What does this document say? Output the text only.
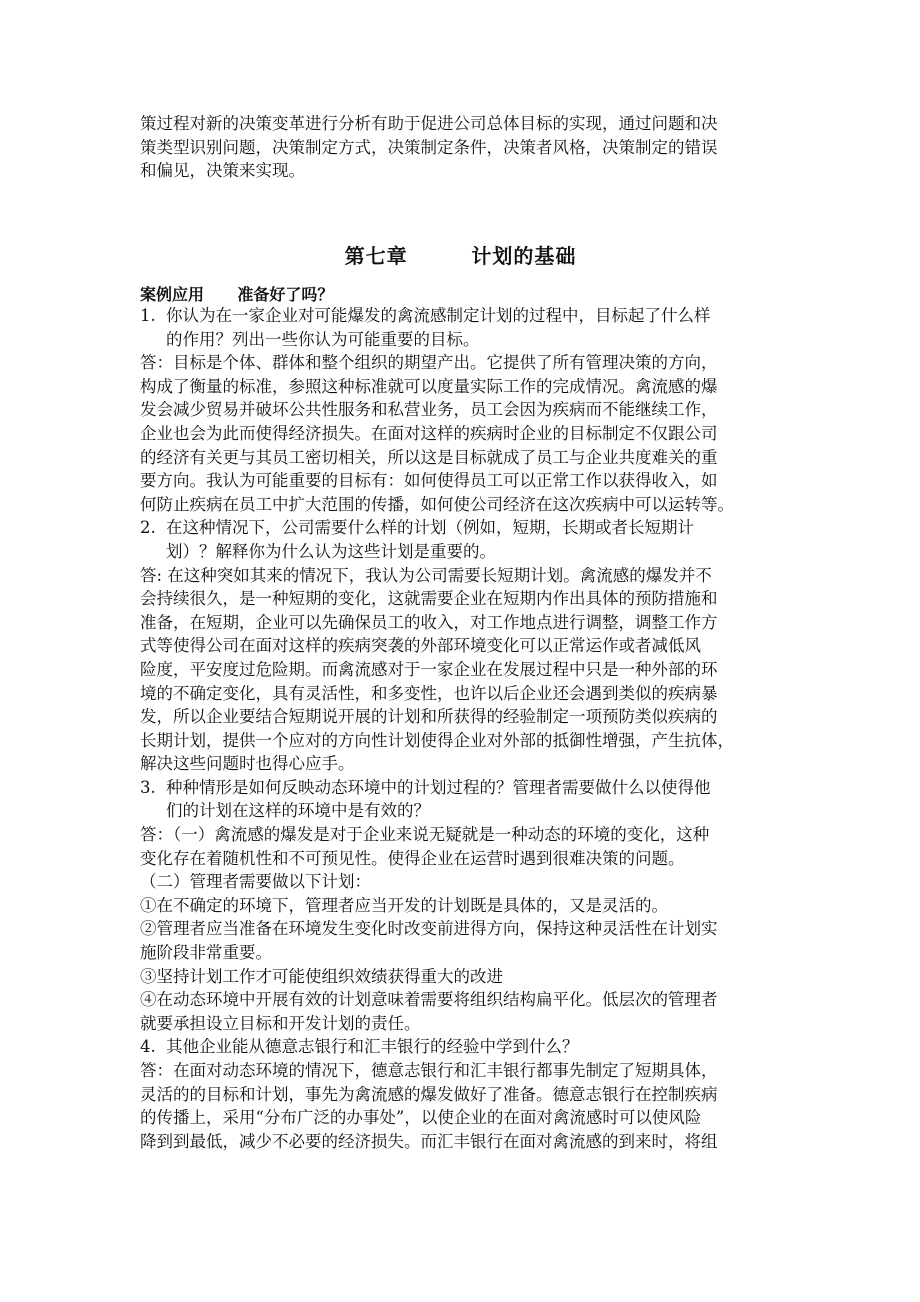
策过程对新的决策变革进行分析有助于促进公司总体目标的实现，通过问题和决
策类型识别问题，决策制定方式，决策制定条件，决策者风格，决策制定的错误
和偏见，决策来实现。

第七章        计划的基础
案例应用      准备好了吗？

1. 你认为在一家企业对可能爆发的禽流感制定计划的过程中，目标起了什么样
的作用？列出一些你认为可能重要的目标。

答：目标是个体、群体和整个组织的期望产出。它提供了所有管理决策的方向，
构成了衡量的标准，参照这种标准就可以度量实际工作的完成情况。禽流感的爆
发会减少贸易并破坏公共性服务和私营业务，员工会因为疾病而不能继续工作，
企业也会为此而使得经济损失。在面对这样的疾病时企业的目标制定不仅跟公司
的经济有关更与其员工密切相关，所以这是目标就成了员工与企业共度难关的重
要方向。我认为可能重要的目标有：如何使得员工可以正常工作以获得收入，如
何防止疾病在员工中扩大范围的传播，如何使公司经济在这次疾病中可以运转等。

2. 在这种情况下，公司需要什么样的计划（例如，短期，长期或者长短期计
划）？解释你为什么认为这些计划是重要的。

答: 在这种突如其来的情况下，我认为公司需要长短期计划。禽流感的爆发并不
会持续很久，是一种短期的变化，这就需要企业在短期内作出具体的预防措施和
准备，在短期，企业可以先确保员工的收入，对工作地点进行调整，调整工作方
式等使得公司在面对这样的疾病突袭的外部环境变化可以正常运作或者减低风
险度，平安度过危险期。而禽流感对于一家企业在发展过程中只是一种外部的环
境的不确定变化，具有灵活性，和多变性，也许以后企业还会遇到类似的疾病暴
发，所以企业要结合短期说开展的计划和所获得的经验制定一项预防类似疾病的
长期计划，提供一个应对的方向性计划使得企业对外部的抵御性增强，产生抗体，
解决这些问题时也得心应手。

3. 种种情形是如何反映动态环境中的计划过程的？管理者需要做什么以使得他
们的计划在这样的环境中是有效的？

答：（一）禽流感的爆发是对于企业来说无疑就是一种动态的环境的变化，这种
变化存在着随机性和不可预见性。使得企业在运营时遇到很难决策的问题。
（二）管理者需要做以下计划：
①在不确定的环境下，管理者应当开发的计划既是具体的，又是灵活的。
②管理者应当准备在环境发生变化时改变前进得方向，保持这种灵活性在计划实
施阶段非常重要。
③坚持计划工作才可能使组织效绩获得重大的改进
④在动态环境中开展有效的计划意味着需要将组织结构扁平化。低层次的管理者
就要承担设立目标和开发计划的责任。

4. 其他企业能从德意志银行和汇丰银行的经验中学到什么？

答：在面对动态环境的情况下，德意志银行和汇丰银行都事先制定了短期具体，
灵活的的目标和计划，事先为禽流感的爆发做好了准备。德意志银行在控制疾病
的传播上，采用“分布广泛的办事处”，以使企业的在面对禽流感时可以使风险
降到到最低，减少不必要的经济损失。而汇丰银行在面对禽流感的到来时，将组
